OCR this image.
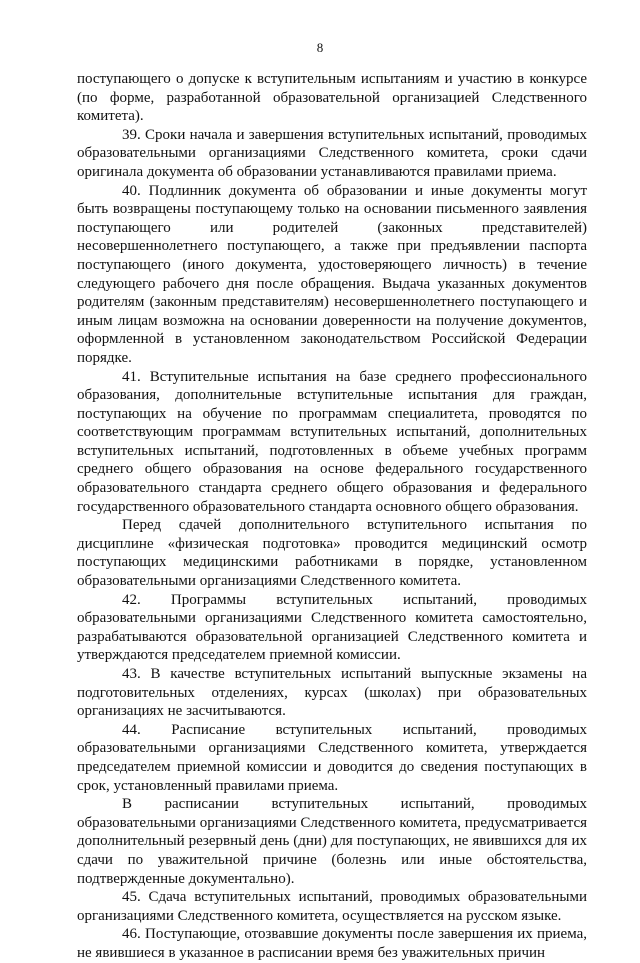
8

поступающего о допуске к вступительным испытаниям и участию в конкурсе (по форме, разработанной образовательной организацией Следственного комитета).

39. Сроки начала и завершения вступительных испытаний, проводимых образовательными организациями Следственного комитета, сроки сдачи оригинала документа об образовании устанавливаются правилами приема.

40. Подлинник документа об образовании и иные документы могут быть возвращены поступающему только на основании письменного заявления поступающего или родителей (законных представителей) несовершеннолетнего поступающего, а также при предъявлении паспорта поступающего (иного документа, удостоверяющего личность) в течение следующего рабочего дня после обращения. Выдача указанных документов родителям (законным представителям) несовершеннолетнего поступающего и иным лицам возможна на основании доверенности на получение документов, оформленной в установленном законодательством Российской Федерации порядке.

41. Вступительные испытания на базе среднего профессионального образования, дополнительные вступительные испытания для граждан, поступающих на обучение по программам специалитета, проводятся по соответствующим программам вступительных испытаний, дополнительных вступительных испытаний, подготовленных в объеме учебных программ среднего общего образования на основе федерального государственного образовательного стандарта среднего общего образования и федерального государственного образовательного стандарта основного общего образования.

Перед сдачей дополнительного вступительного испытания по дисциплине «физическая подготовка» проводится медицинский осмотр поступающих медицинскими работниками в порядке, установленном образовательными организациями Следственного комитета.

42. Программы вступительных испытаний, проводимых образовательными организациями Следственного комитета самостоятельно, разрабатываются образовательной организацией Следственного комитета и утверждаются председателем приемной комиссии.

43. В качестве вступительных испытаний выпускные экзамены на подготовительных отделениях, курсах (школах) при образовательных организациях не засчитываются.

44. Расписание вступительных испытаний, проводимых образовательными организациями Следственного комитета, утверждается председателем приемной комиссии и доводится до сведения поступающих в срок, установленный правилами приема.

В расписании вступительных испытаний, проводимых образовательными организациями Следственного комитета, предусматривается дополнительный резервный день (дни) для поступающих, не явившихся для их сдачи по уважительной причине (болезнь или иные обстоятельства, подтвержденные документально).

45. Сдача вступительных испытаний, проводимых образовательными организациями Следственного комитета, осуществляется на русском языке.

46. Поступающие, отозвавшие документы после завершения их приема, не явившиеся в указанное в расписании время без уважительных причин
